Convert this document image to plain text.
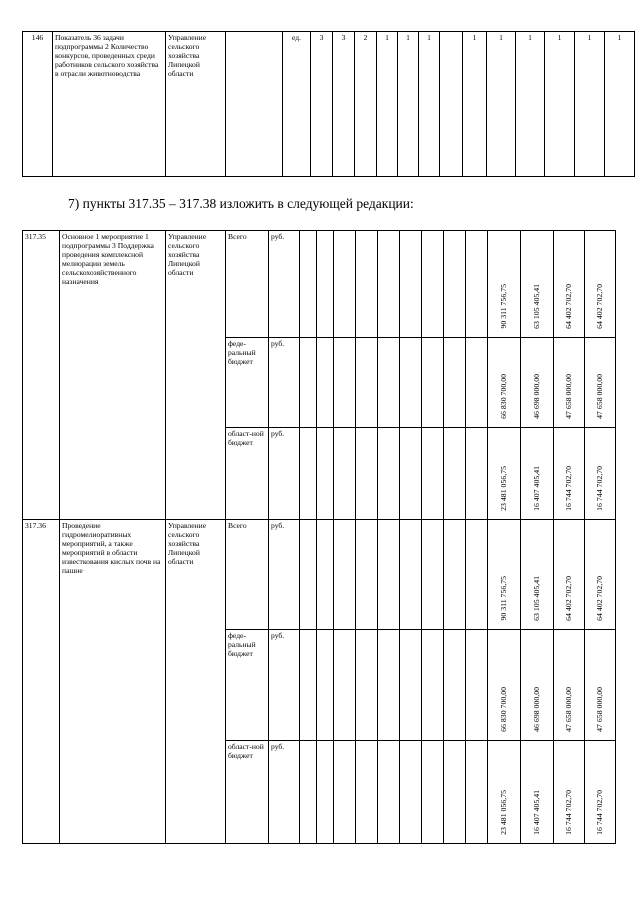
146	Показатель 36 задачи подпрограммы 2 Количество конкурсов, проведенных среди работников сельского хозяйства в отрасли животноводства	Управление сельского хозяйства Липецкой области		ед.	3	3	2	1	1	1		1	1	1	1	1	1
7) пункты 317.35 – 317.38 изложить в следующей редакции:
317.35	Основное 1 мероприятие 1 подпрограммы 3 Поддержка проведения комплексной мелиорации земель сельскохозяйственного назначения	Управление сельского хозяйства Липецкой области	Всего	руб.										90 311 756,75	63 105 405,41	64 402 702,70	64 402 702,70

			феде-ральный бюджет	руб.										66 830 700,00	46 698 000,00	47 658 000,00	47 658 000,00

			област-ной бюджет	руб.										23 481 056,75	16 407 405,41	16 744 702,70	16 744 702,70

317.36	Проведение гидромелиоративных мероприятий, а также мероприятий в области известкования кислых почв на пашне	Управление сельского хозяйства Липецкой области	Всего	руб.										90 311 756,75	63 105 405,41	64 402 702,70	64 402 702,70

			феде-ральный бюджет	руб.										66 830 700,00	46 698 000,00	47 658 000,00	47 658 000,00

			област-ной бюджет	руб.										23 481 056,75	16 407 405,41	16 744 702,70	16 744 702,70
